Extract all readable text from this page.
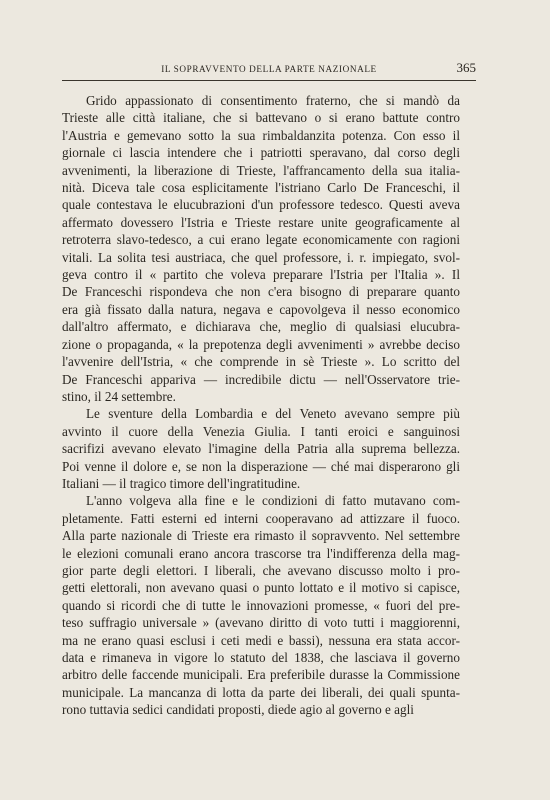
IL SOPRAVVENTO DELLA PARTE NAZIONALE	365
Grido appassionato di consentimento fraterno, che si mandò da
Trieste alle città italiane, che si battevano o si erano battute contro
l'Austria e gemevano sotto la sua rimbaldanzita potenza. Con esso il
giornale ci lascia intendere che i patriotti speravano, dal corso degli
avvenimenti, la liberazione di Trieste, l'affrancamento della sua italia-
nità. Diceva tale cosa esplicitamente l'istriano Carlo De Franceschi, il
quale contestava le elucubrazioni d'un professore tedesco. Questi aveva
affermato dovessero l'Istria e Trieste restare unite geograficamente al
retroterra slavo-tedesco, a cui erano legate economicamente con ragioni
vitali. La solita tesi austriaca, che quel professore, i. r. impiegato, svol-
geva contro il « partito che voleva preparare l'Istria per l'Italia ». Il
De Franceschi rispondeva che non c'era bisogno di preparare quanto
era già fissato dalla natura, negava e capovolgeva il nesso economico
dall'altro affermato, e dichiarava che, meglio di qualsiasi elucubra-
zione o propaganda, « la prepotenza degli avvenimenti » avrebbe deciso
l'avvenire dell'Istria, « che comprende in sè Trieste ». Lo scritto del
De Franceschi appariva — incredibile dictu — nell'Osservatore trie-
stino, il 24 settembre.
Le sventure della Lombardia e del Veneto avevano sempre più
avvinto il cuore della Venezia Giulia. I tanti eroici e sanguinosi
sacrifizi avevano elevato l'imagine della Patria alla suprema bellezza.
Poi venne il dolore e, se non la disperazione — ché mai disperarono gli
Italiani — il tragico timore dell'ingratitudine.
L'anno volgeva alla fine e le condizioni di fatto mutavano com-
pletamente. Fatti esterni ed interni cooperavano ad attizzare il fuoco.
Alla parte nazionale di Trieste era rimasto il sopravvento. Nel settembre
le elezioni comunali erano ancora trascorse tra l'indifferenza della mag-
gior parte degli elettori. I liberali, che avevano discusso molto i pro-
getti elettorali, non avevano quasi o punto lottato e il motivo si capisce,
quando si ricordi che di tutte le innovazioni promesse, « fuori del pre-
teso suffragio universale » (avevano diritto di voto tutti i maggiorenni,
ma ne erano quasi esclusi i ceti medi e bassi), nessuna era stata accor-
data e rimaneva in vigore lo statuto del 1838, che lasciava il governo
arbitro delle faccende municipali. Era preferibile durasse la Commissione
municipale. La mancanza di lotta da parte dei liberali, dei quali spunta-
rono tuttavia sedici candidati proposti, diede agio al governo e agli
